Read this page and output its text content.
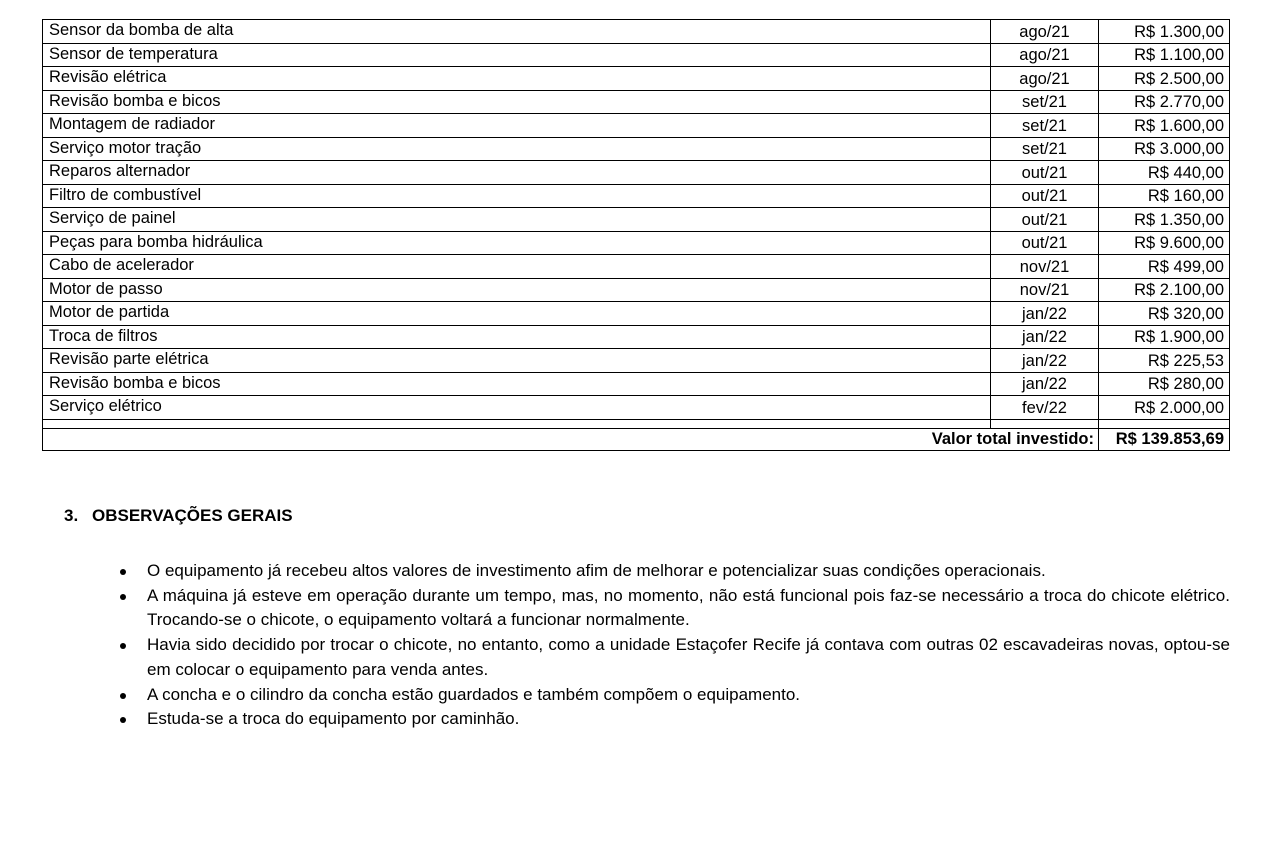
Sensor da bomba de alta	ago/21	R$ 1.300,00
Sensor de temperatura	ago/21	R$ 1.100,00
Revisão elétrica	ago/21	R$ 2.500,00
Revisão bomba e bicos	set/21	R$ 2.770,00
Montagem de radiador	set/21	R$ 1.600,00
Serviço motor tração	set/21	R$ 3.000,00
Reparos alternador	out/21	R$ 440,00
Filtro de combustível	out/21	R$ 160,00
Serviço de painel	out/21	R$ 1.350,00
Peças para bomba hidráulica	out/21	R$ 9.600,00
Cabo de acelerador	nov/21	R$ 499,00
Motor de passo	nov/21	R$ 2.100,00
Motor de partida	jan/22	R$ 320,00
Troca de filtros	jan/22	R$ 1.900,00
Revisão parte elétrica	jan/22	R$ 225,53
Revisão bomba e bicos	jan/22	R$ 280,00
Serviço elétrico	fev/22	R$ 2.000,00

Valor total investido:		R$ 139.853,69
3. OBSERVAÇÕES GERAIS
O equipamento já recebeu altos valores de investimento afim de melhorar e potencializar suas condições operacionais.
A máquina já esteve em operação durante um tempo, mas, no momento, não está funcional pois faz-se necessário a troca do chicote elétrico. Trocando-se o chicote, o equipamento voltará a funcionar normalmente.
Havia sido decidido por trocar o chicote, no entanto, como a unidade Estaçofer Recife já contava com outras 02 escavadeiras novas, optou-se em colocar o equipamento para venda antes.
A concha e o cilindro da concha estão guardados e também compõem o equipamento.
Estuda-se a troca do equipamento por caminhão.
